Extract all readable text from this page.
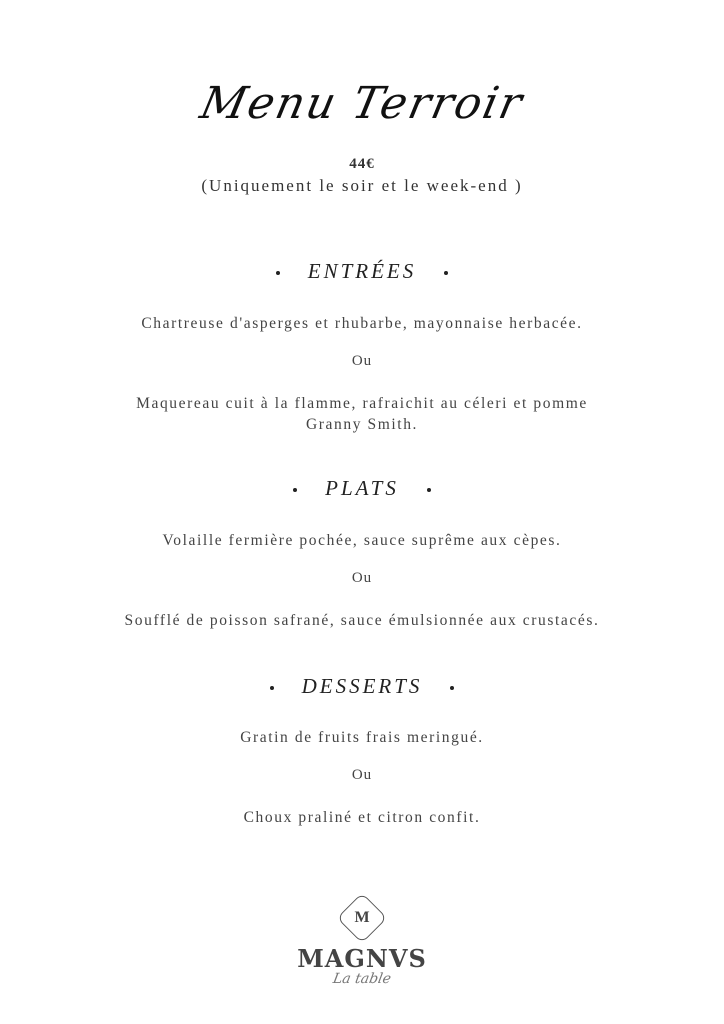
Menu Terroir
44€
(Uniquement le soir et le week-end )
ENTRÉES
Chartreuse d'asperges et rhubarbe, mayonnaise herbacée.
Ou
Maquereau cuit à la flamme, rafraichit au céleri et pomme Granny Smith.
PLATS
Volaille fermière pochée, sauce suprême aux cèpes.
Ou
Soufflé de poisson safrané, sauce émulsionnée aux crustacés.
DESSERTS
Gratin de fruits frais meringué.
Ou
Choux praliné et citron confit.
M
MAGNVS
La table
